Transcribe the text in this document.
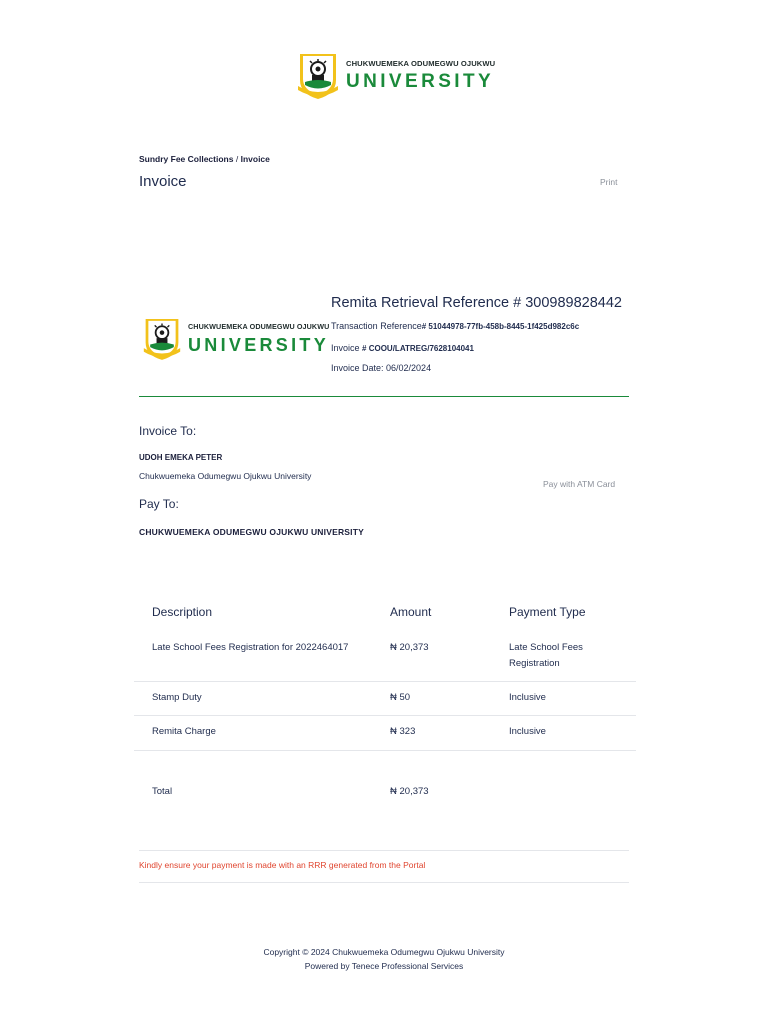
CHUKWUEMEKA ODUMEGWU OJUKWU
UNIVERSITY
Sundry Fee Collections / Invoice
Invoice	Print
CHUKWUEMEKA ODUMEGWU OJUKWU
UNIVERSITY
Remita Retrieval Reference # 300989828442
Transaction Reference# 51044978-77fb-458b-8445-1f425d982c6c
Invoice # COOU/LATREG/7628104041
Invoice Date: 06/02/2024
Invoice To:
UDOH EMEKA PETER
Chukwuemeka Odumegwu Ojukwu University
Pay with ATM Card
Pay To:
CHUKWUEMEKA ODUMEGWU OJUKWU UNIVERSITY
Description	Amount	Payment Type
Late School Fees Registration for 2022464017	₦ 20,373	Late School Fees Registration
Stamp Duty	₦ 50	Inclusive
Remita Charge	₦ 323	Inclusive
Total	₦ 20,373
Kindly ensure your payment is made with an RRR generated from the Portal
Copyright © 2024 Chukwuemeka Odumegwu Ojukwu University
Powered by Tenece Professional Services
